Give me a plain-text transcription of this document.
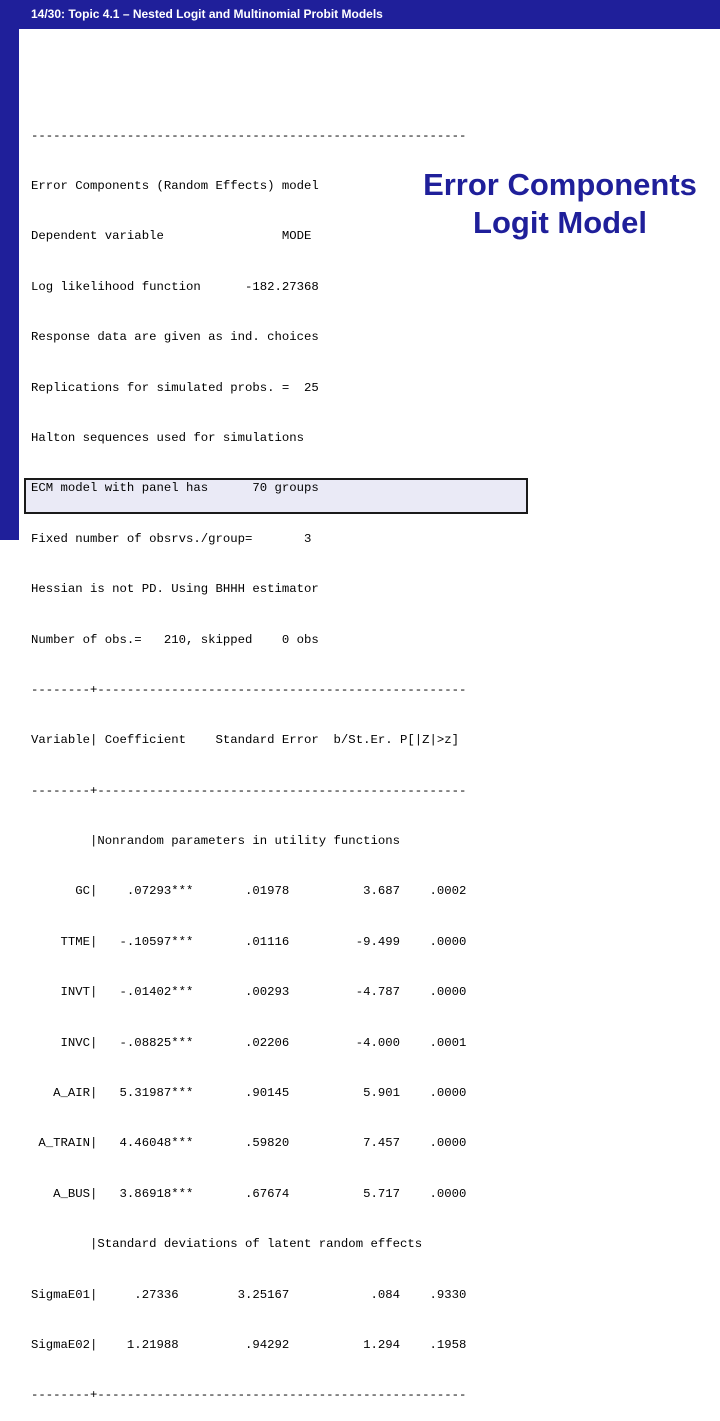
14/30: Topic 4.1 – Nested Logit and Multinomial Probit Models

-----------------------------------------------------------

Error Components (Random Effects) model

Dependent variable                MODE

Log likelihood function      -182.27368

Response data are given as ind. choices

Replications for simulated probs. =  25

Halton sequences used for simulations

ECM model with panel has      70 groups

Fixed number of obsrvs./group=       3

Hessian is not PD. Using BHHH estimator

Number of obs.=   210, skipped    0 obs

--------+--------------------------------------------------

Variable| Coefficient    Standard Error  b/St.Er. P[|Z|>z]

--------+--------------------------------------------------

|Nonrandom parameters in utility functions

GC|    .07293***       .01978          3.687    .0002

TTME|   -.10597***       .01116         -9.499    .0000

INVT|   -.01402***       .00293         -4.787    .0000

INVC|   -.08825***       .02206         -4.000    .0001

A_AIR|   5.31987***       .90145          5.901    .0000

A_TRAIN|   4.46048***       .59820          7.457    .0000

A_BUS|   3.86918***       .67674          5.717    .0000

|Standard deviations of latent random effects

SigmaE01|     .27336        3.25167           .084    .9330

SigmaE02|    1.21988         .94292          1.294    .1958

--------+--------------------------------------------------

Error Components
Logit Model
